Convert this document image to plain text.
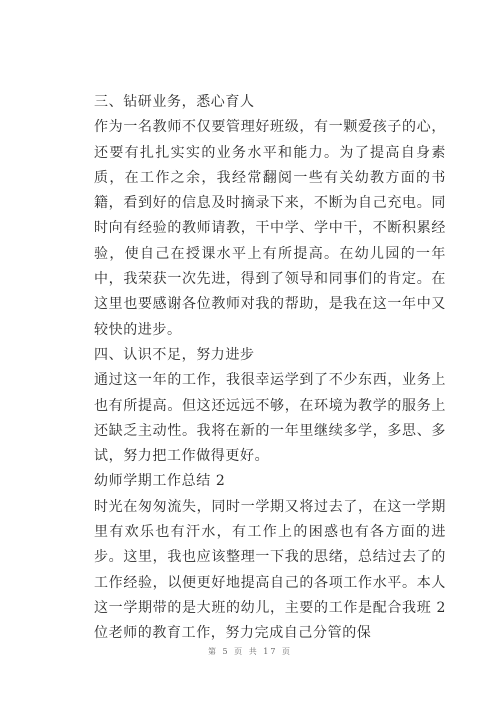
三、钻研业务，悉心育人

作为一名教师不仅要管理好班级，有一颗爱孩子的心，还要有扎扎实实的业务水平和能力。为了提高自身素质，在工作之余，我经常翻阅一些有关幼教方面的书籍，看到好的信息及时摘录下来，不断为自己充电。同时向有经验的教师请教，干中学、学中干，不断积累经验，使自己在授课水平上有所提高。在幼儿园的一年中，我荣获一次先进，得到了领导和同事们的肯定。在这里也要感谢各位教师对我的帮助，是我在这一年中又较快的进步。

四、认识不足，努力进步

通过这一年的工作，我很幸运学到了不少东西，业务上也有所提高。但这还远远不够，在环境为教学的服务上还缺乏主动性。我将在新的一年里继续多学，多思、多试，努力把工作做得更好。

幼师学期工作总结 2

时光在匆匆流失，同时一学期又将过去了，在这一学期里有欢乐也有汗水，有工作上的困惑也有各方面的进步。这里，我也应该整理一下我的思绪，总结过去了的工作经验，以便更好地提高自己的各项工作水平。本人这一学期带的是大班的幼儿，主要的工作是配合我班 2 位老师的教育工作，努力完成自己分管的保

第 5 页 共 17 页
